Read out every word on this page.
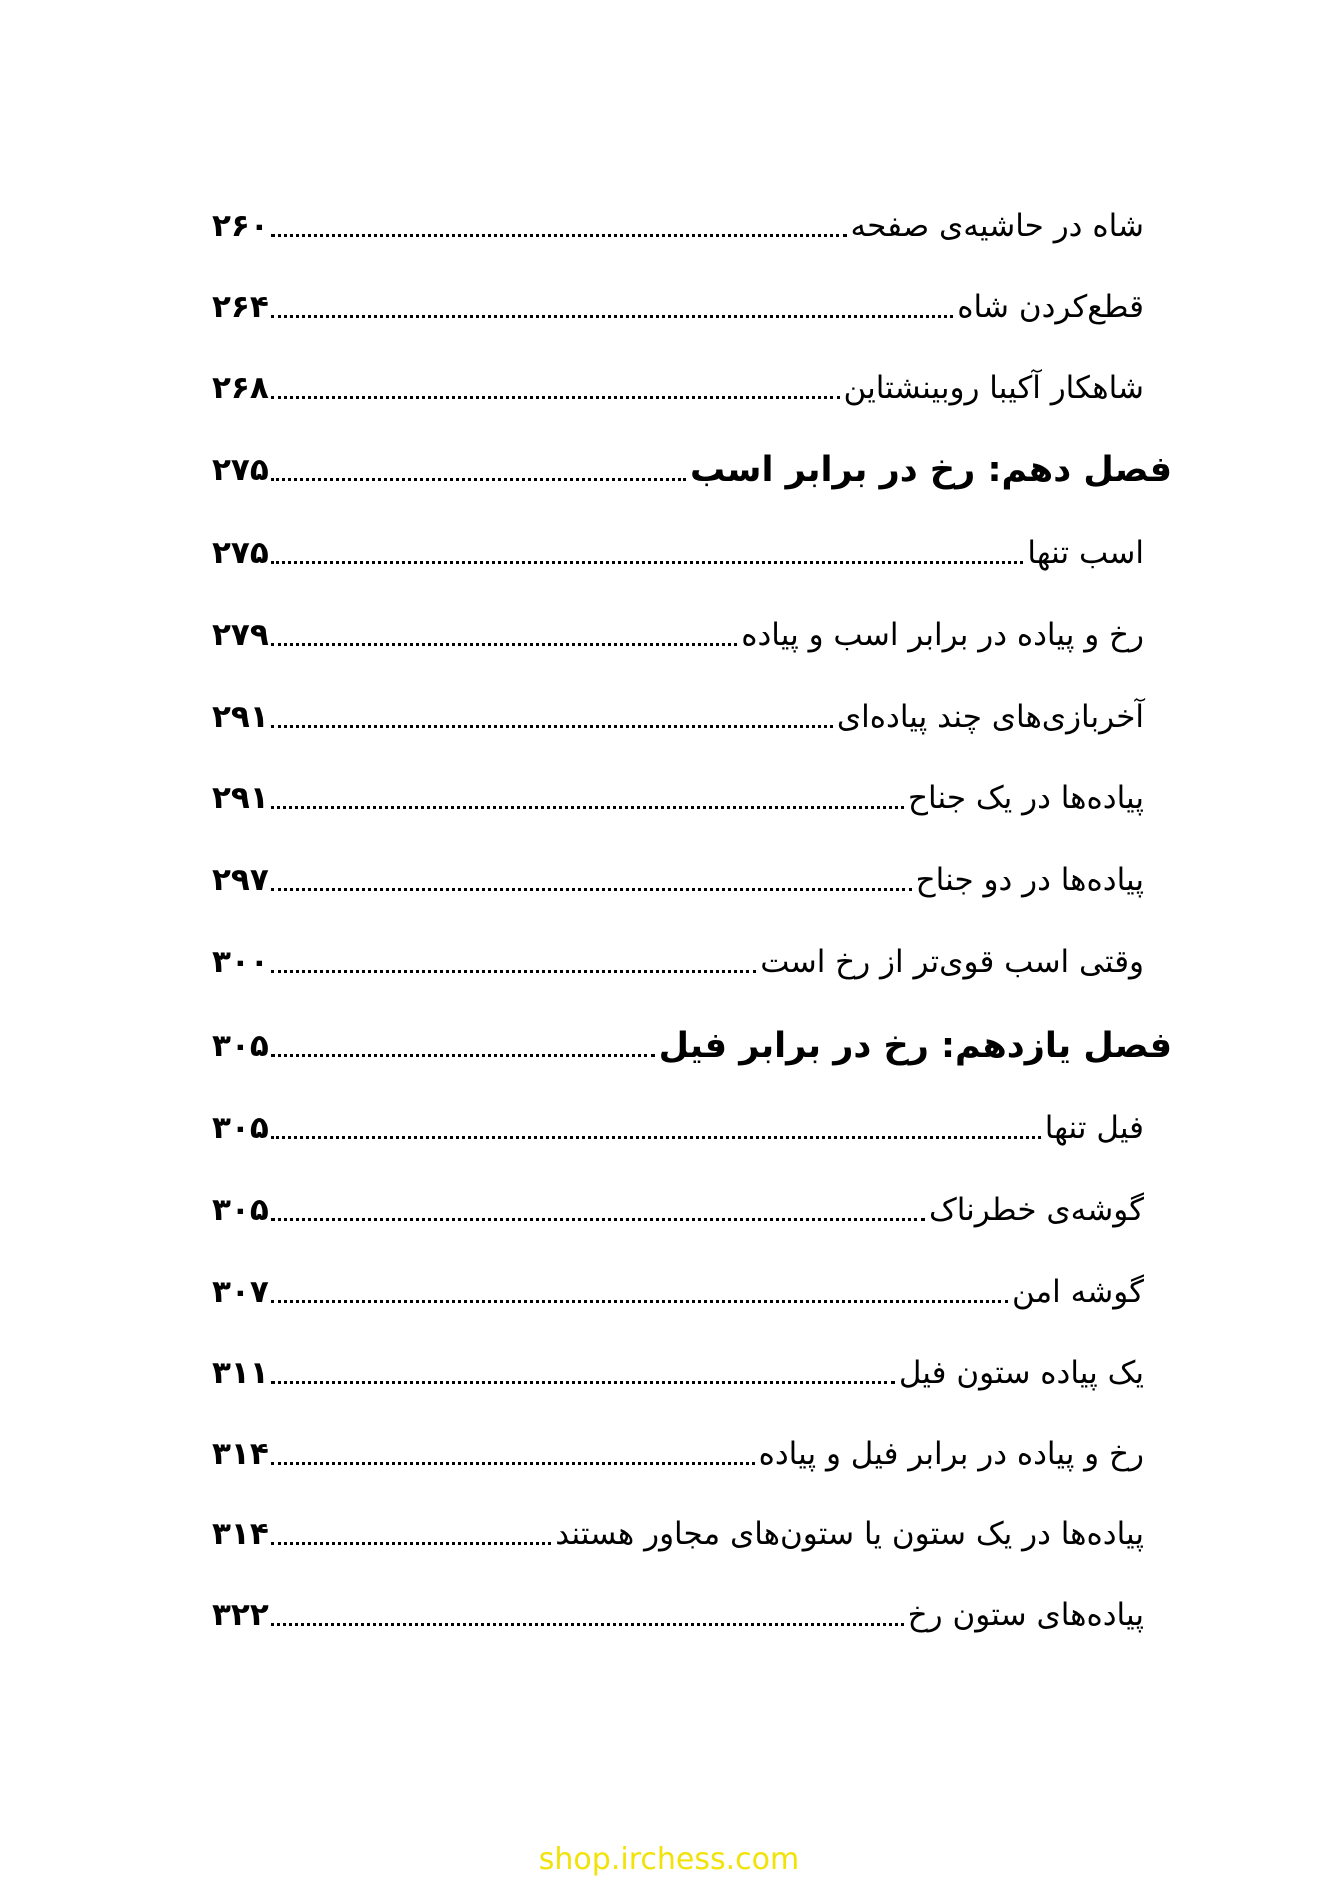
شاه در حاشیه‌ی صفحه
۲۶۰
قطع‌کردن شاه
۲۶۴
شاهکار آکیبا روبینشتاین
۲۶۸
فصل دهم: رخ در برابر اسب
۲۷۵
اسب تنها
۲۷۵
رخ و پیاده در برابر اسب و پیاده
۲۷۹
آخربازی‌های چند پیاده‌ای
۲۹۱
پیاده‌ها در یک جناح
۲۹۱
پیاده‌ها در دو جناح
۲۹۷
وقتی اسب قوی‌تر از رخ است
۳۰۰
فصل یازدهم: رخ در برابر فیل
۳۰۵
فیل تنها
۳۰۵
گوشه‌ی خطرناک
۳۰۵
گوشه امن
۳۰۷
یک پیاده ستون فیل
۳۱۱
رخ و پیاده در برابر فیل و پیاده
۳۱۴
پیاده‌ها در یک ستون یا ستون‌های مجاور هستند
۳۱۴
پیاده‌های ستون رخ
۳۲۲
shop.irchess.com
